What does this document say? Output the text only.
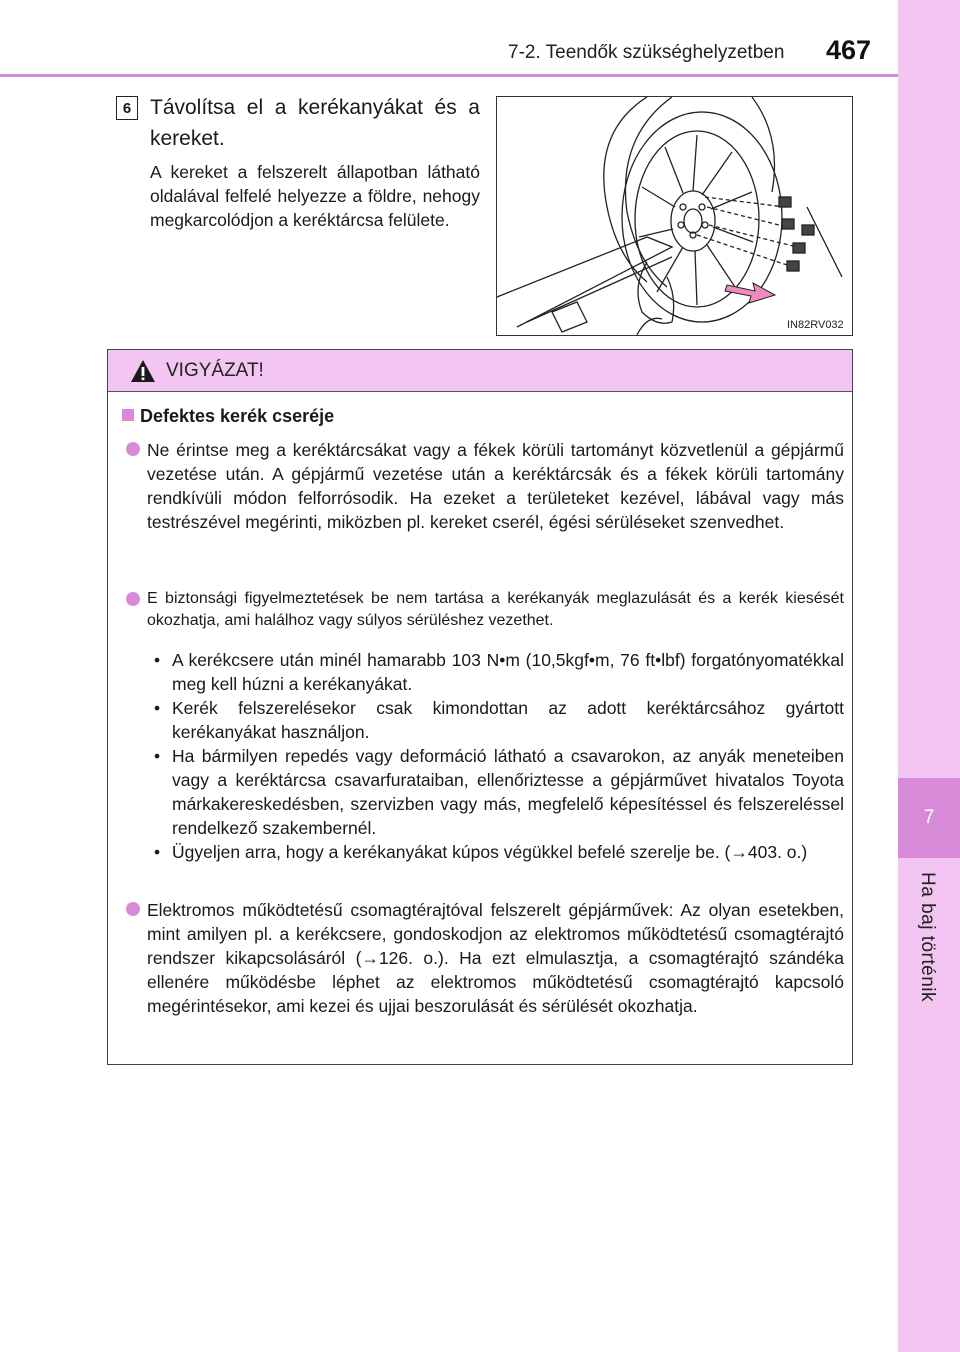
7
Ha baj történik
7-2. Teendők szükséghelyzetben 467
6 Távolítsa el a kerékanyákat és a kereket.
A kereket a felszerelt állapotban látható oldalával felfelé helyezze a földre, nehogy megkarcolódjon a keréktárcsa felülete.
IN82RV032
VIGYÁZAT!
Defektes kerék cseréje
Ne érintse meg a keréktárcsákat vagy a fékek körüli tartományt közvetlenül a gépjármű vezetése után. A gépjármű vezetése után a keréktárcsák és a fékek körüli tartomány rendkívüli módon felforrósodik. Ha ezeket a területeket kezével, lábával vagy más testrészével megérinti, miközben pl. kereket cserél, égési sérüléseket szenvedhet.
E biztonsági figyelmeztetések be nem tartása a kerékanyák meglazulását és a kerék kiesését okozhatja, ami halálhoz vagy súlyos sérüléshez vezethet.

• A kerékcsere után minél hamarabb 103 N•m (10,5kgf•m, 76 ft•lbf) forgatónyomatékkal meg kell húzni a kerékanyákat.

• Kerék felszerelésekor csak kimondottan az adott keréktárcsához gyártott kerékanyákat használjon.

• Ha bármilyen repedés vagy deformáció látható a csavarokon, az anyák meneteiben vagy a keréktárcsa csavarfurataiban, ellenőriztesse a gépjárművet hivatalos Toyota márkakereskedésben, szervizben vagy más, megfelelő képesítéssel és felszereléssel rendelkező szakembernél.

• Ügyeljen arra, hogy a kerékanyákat kúpos végükkel befelé szerelje be. (→403. o.)

Elektromos működtetésű csomagtérajtóval felszerelt gépjárművek: Az olyan esetekben, mint amilyen pl. a kerékcsere, gondoskodjon az elektromos működtetésű csomagtérajtó rendszer kikapcsolásáról (→126. o.). Ha ezt elmulasztja, a csomagtérajtó szándéka ellenére működésbe léphet az elektromos működtetésű csomagtérajtó kapcsoló megérintésekor, ami kezei és ujjai beszorulását és sérülését okozhatja.
